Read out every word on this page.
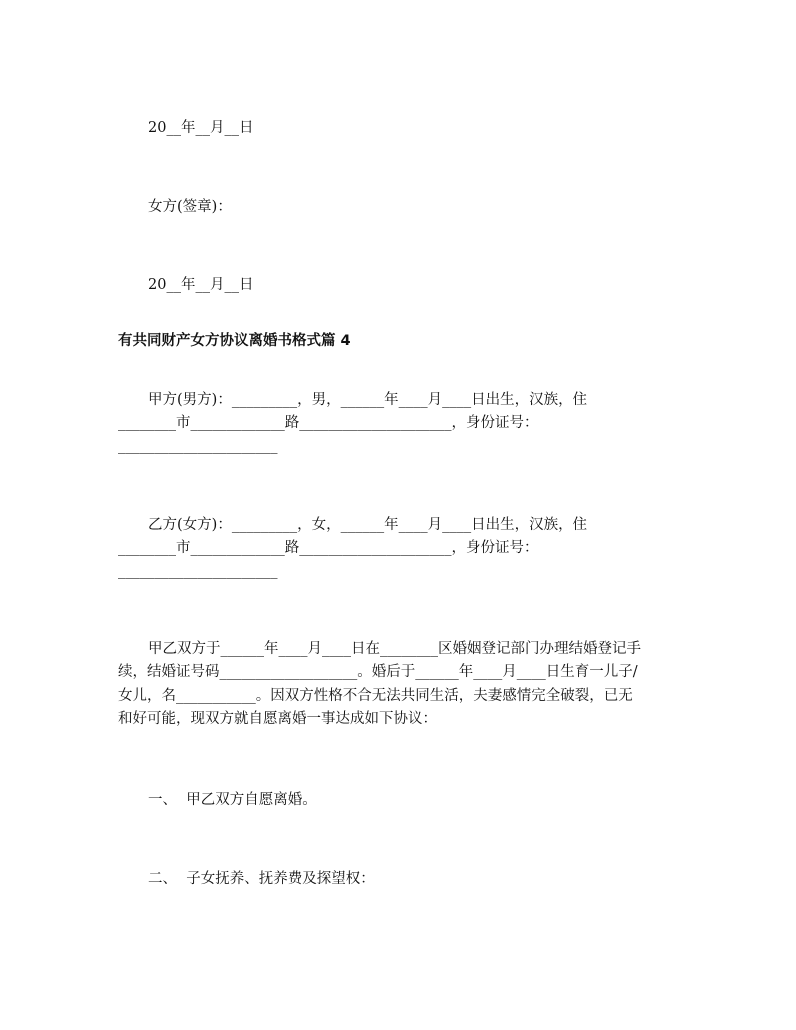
20__年__月__日

女方(签章)：

20__年__月__日

有共同财产女方协议离婚书格式篇 4

甲方(男方)：_________，男，______年____月____日出生，汉族，住

________市_____________路_____________________，身份证号：

______________________

乙方(女方)：_________，女，______年____月____日出生，汉族，住

________市_____________路_____________________，身份证号：

______________________

甲乙双方于______年____月____日在________区婚姻登记部门办理结婚登记手

续，结婚证号码___________________。婚后于______年____月____日生育一儿子/

女儿，名___________。因双方性格不合无法共同生活，夫妻感情完全破裂，已无

和好可能，现双方就自愿离婚一事达成如下协议：

一、  甲乙双方自愿离婚。

二、  子女抚养、抚养费及探望权：
